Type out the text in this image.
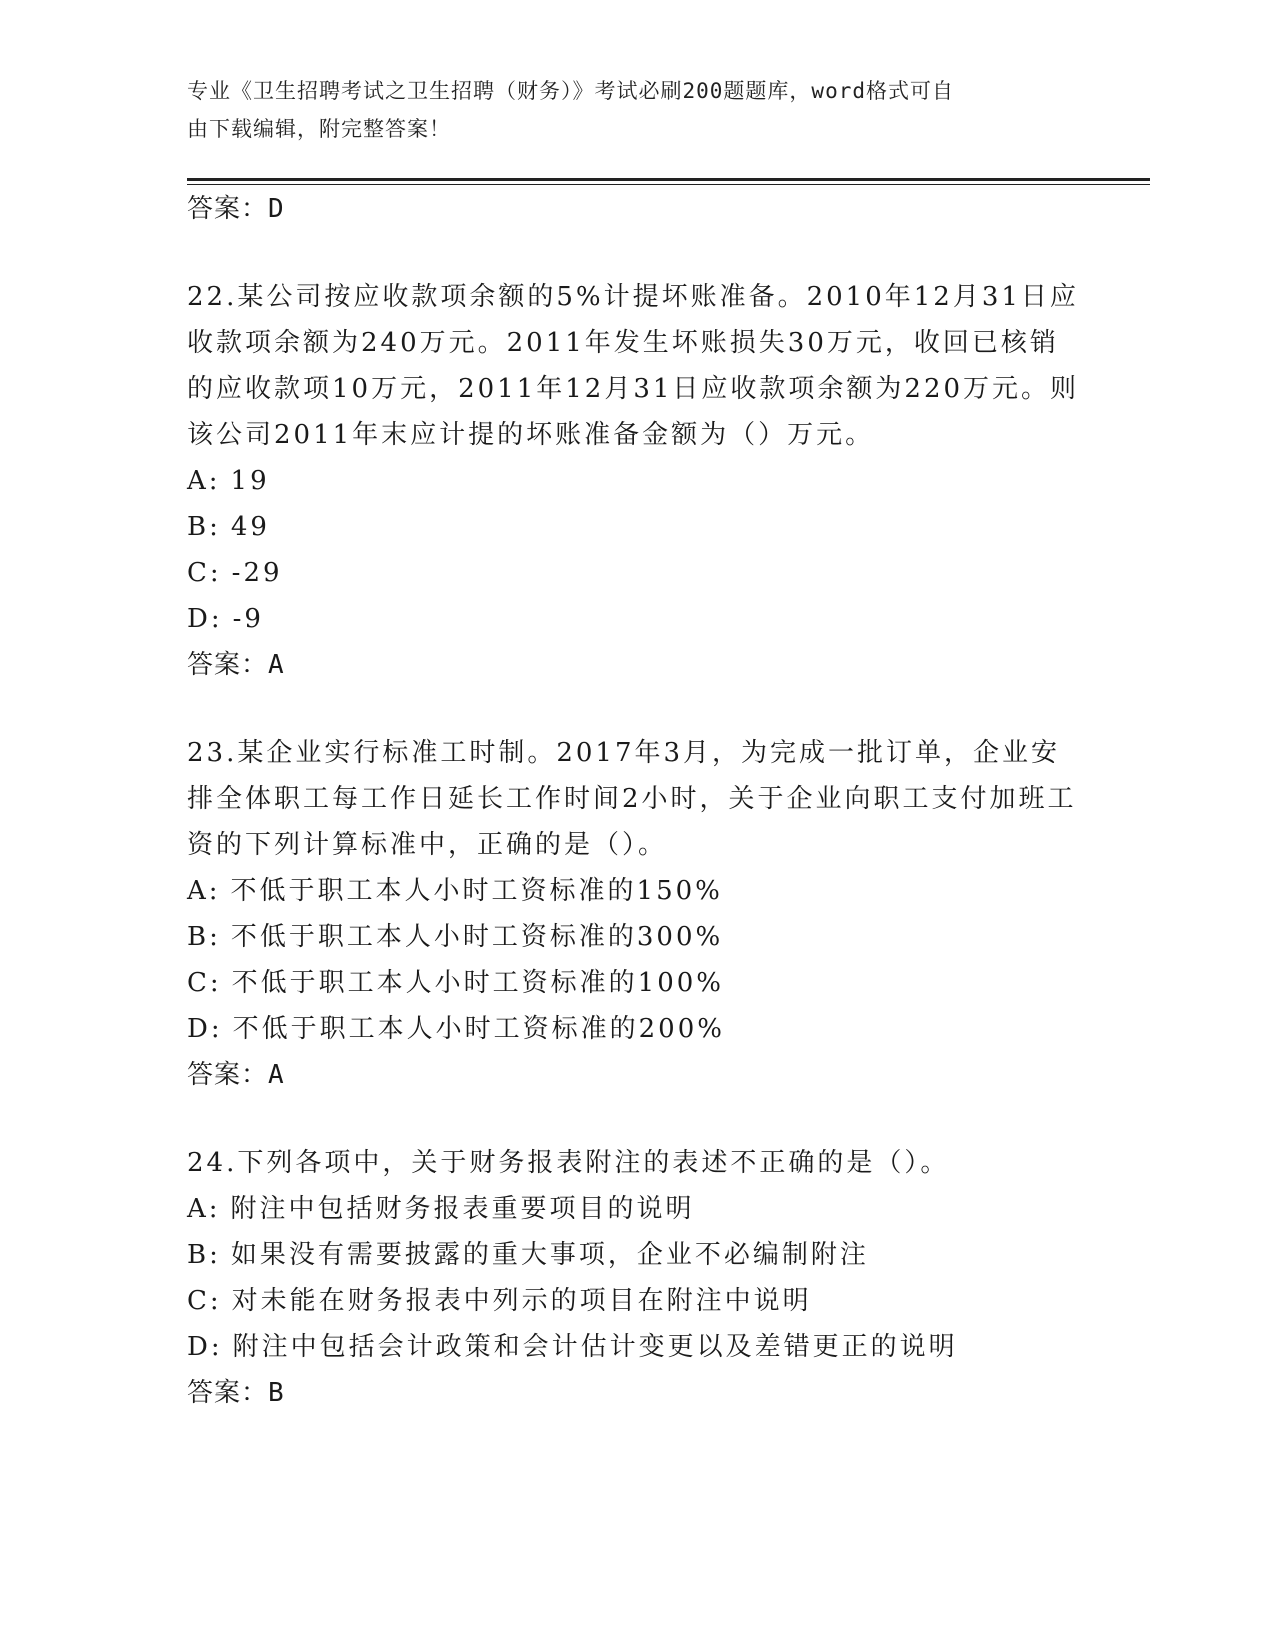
专业《卫生招聘考试之卫生招聘（财务）》考试必刷200题题库，word格式可自
由下载编辑，附完整答案！
答案：D
22.某公司按应收款项余额的5%计提坏账准备。2010年12月31日应收款项余额为240万元。2011年发生坏账损失30万元，收回已核销的应收款项10万元，2011年12月31日应收款项余额为220万元。则该公司2011年末应计提的坏账准备金额为（）万元。
A: 19
B: 49
C: -29
D: -9
答案：A
23.某企业实行标准工时制。2017年3月，为完成一批订单，企业安排全体职工每工作日延长工作时间2小时，关于企业向职工支付加班工资的下列计算标准中，正确的是（）。
A: 不低于职工本人小时工资标准的150%
B: 不低于职工本人小时工资标准的300%
C: 不低于职工本人小时工资标准的100%
D: 不低于职工本人小时工资标准的200%
答案：A
24.下列各项中，关于财务报表附注的表述不正确的是（）。
A: 附注中包括财务报表重要项目的说明
B: 如果没有需要披露的重大事项，企业不必编制附注
C: 对未能在财务报表中列示的项目在附注中说明
D: 附注中包括会计政策和会计估计变更以及差错更正的说明
答案：B
